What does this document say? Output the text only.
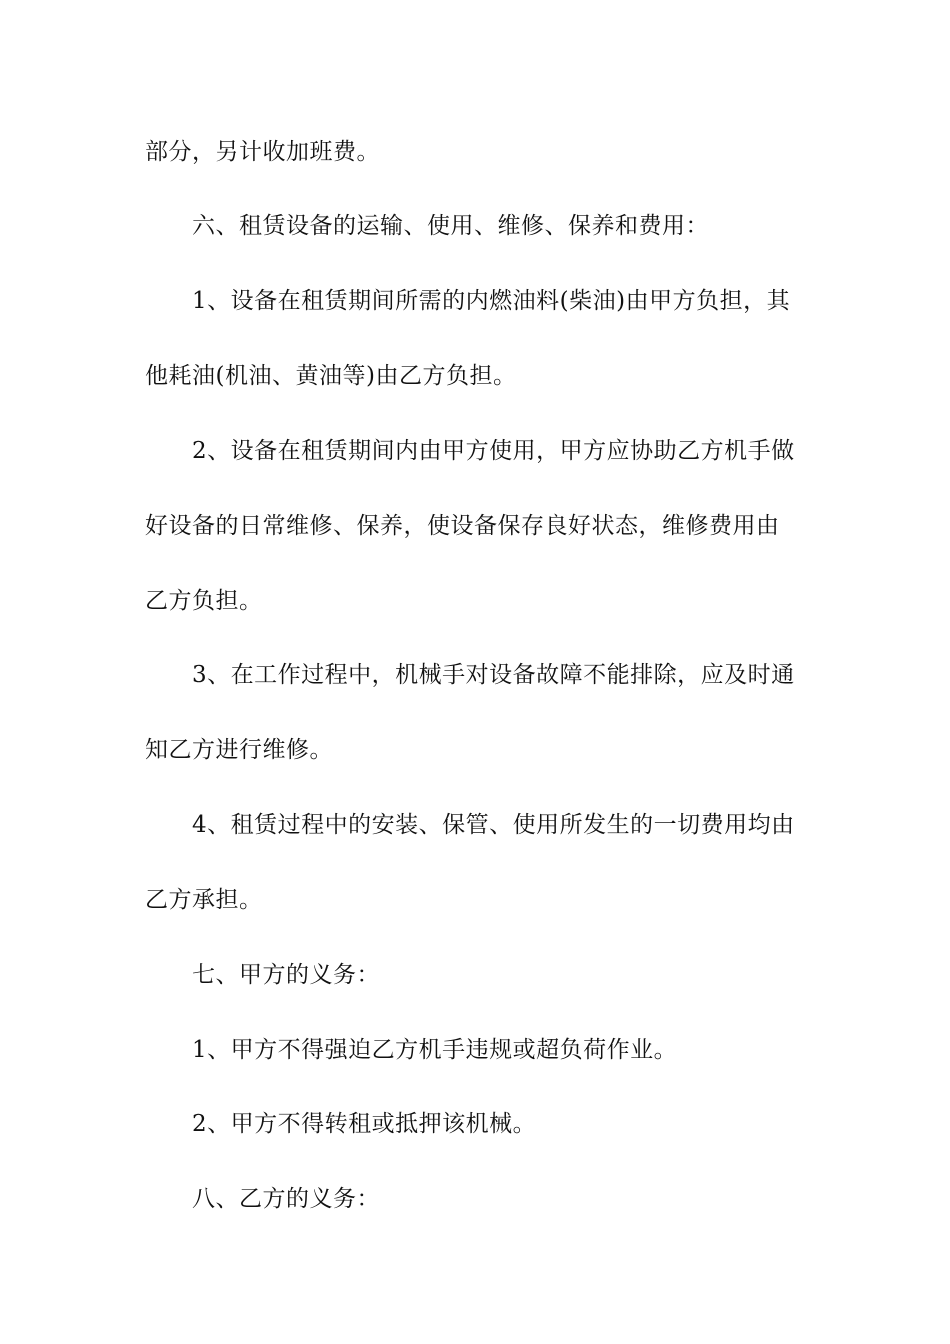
部分，另计收加班费。
六、租赁设备的运输、使用、维修、保养和费用：
1、设备在租赁期间所需的内燃油料(柴油)由甲方负担，其
他耗油(机油、黄油等)由乙方负担。
2、设备在租赁期间内由甲方使用，甲方应协助乙方机手做
好设备的日常维修、保养，使设备保存良好状态，维修费用由
乙方负担。
3、在工作过程中，机械手对设备故障不能排除，应及时通
知乙方进行维修。
4、租赁过程中的安装、保管、使用所发生的一切费用均由
乙方承担。
七、甲方的义务：
1、甲方不得强迫乙方机手违规或超负荷作业。
2、甲方不得转租或抵押该机械。
八、乙方的义务：
